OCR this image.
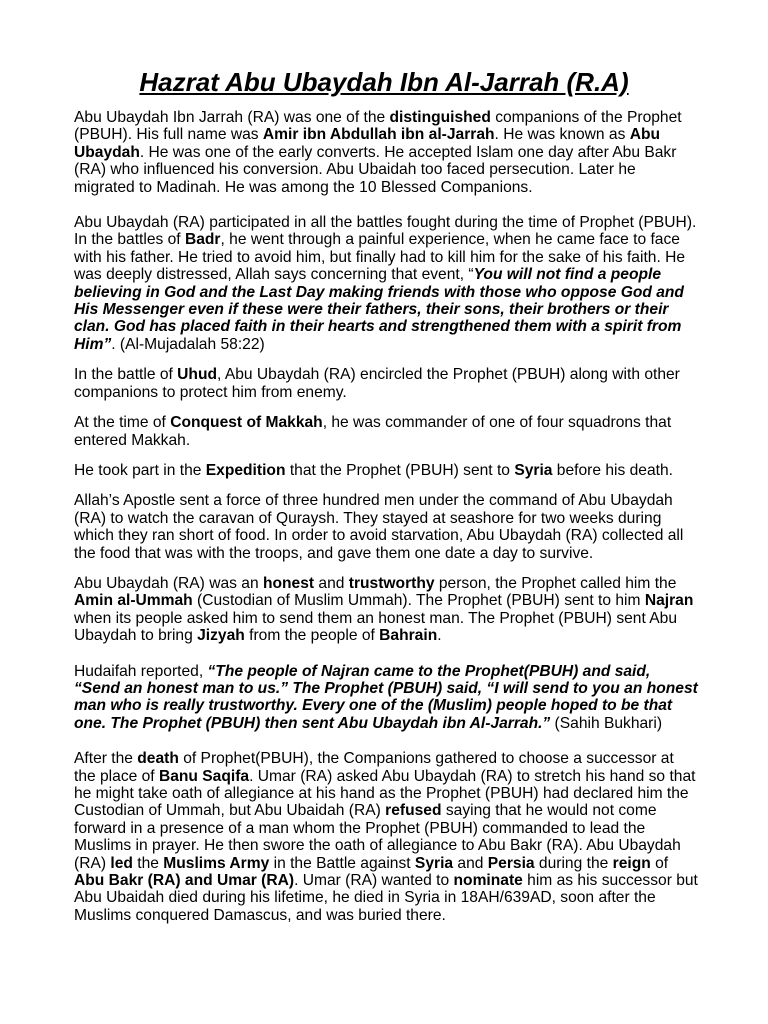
Hazrat Abu Ubaydah Ibn Al-Jarrah (R.A)

Abu Ubaydah Ibn Jarrah (RA) was one of the distinguished companions of the Prophet (PBUH). His full name was Amir ibn Abdullah ibn al-Jarrah. He was known as Abu Ubaydah. He was one of the early converts. He accepted Islam one day after Abu Bakr (RA) who influenced his conversion. Abu Ubaidah too faced persecution. Later he migrated to Madinah. He was among the 10 Blessed Companions.

Abu Ubaydah (RA) participated in all the battles fought during the time of Prophet (PBUH). In the battles of Badr, he went through a painful experience, when he came face to face with his father. He tried to avoid him, but finally had to kill him for the sake of his faith. He was deeply distressed, Allah says concerning that event, “You will not find a people believing in God and the Last Day making friends with those who oppose God and His Messenger even if these were their fathers, their sons, their brothers or their clan. God has placed faith in their hearts and strengthened them with a spirit from Him”. (Al-Mujadalah 58:22)

In the battle of Uhud, Abu Ubaydah (RA) encircled the Prophet (PBUH) along with other companions to protect him from enemy.

At the time of Conquest of Makkah, he was commander of one of four squadrons that entered Makkah.

He took part in the Expedition that the Prophet (PBUH) sent to Syria before his death.

Allah’s Apostle sent a force of three hundred men under the command of Abu Ubaydah (RA) to watch the caravan of Quraysh. They stayed at seashore for two weeks during which they ran short of food. In order to avoid starvation, Abu Ubaydah (RA) collected all the food that was with the troops, and gave them one date a day to survive.

Abu Ubaydah (RA) was an honest and trustworthy person, the Prophet called him the Amin al-Ummah (Custodian of Muslim Ummah). The Prophet (PBUH) sent to him Najran when its people asked him to send them an honest man. The Prophet (PBUH) sent Abu Ubaydah to bring Jizyah from the people of Bahrain.

Hudaifah reported, “The people of Najran came to the Prophet(PBUH) and said, “Send an honest man to us.” The Prophet (PBUH) said, “I will send to you an honest man who is really trustworthy. Every one of the (Muslim) people hoped to be that one. The Prophet (PBUH) then sent Abu Ubaydah ibn Al-Jarrah.” (Sahih Bukhari)

After the death of Prophet(PBUH), the Companions gathered to choose a successor at the place of Banu Saqifa. Umar (RA) asked Abu Ubaydah (RA) to stretch his hand so that he might take oath of allegiance at his hand as the Prophet (PBUH) had declared him the Custodian of Ummah, but Abu Ubaidah (RA) refused saying that he would not come forward in a presence of a man whom the Prophet (PBUH) commanded to lead the Muslims in prayer. He then swore the oath of allegiance to Abu Bakr (RA). Abu Ubaydah (RA) led the Muslims Army in the Battle against Syria and Persia during the reign of Abu Bakr (RA) and Umar (RA). Umar (RA) wanted to nominate him as his successor but Abu Ubaidah died during his lifetime, he died in Syria in 18AH/639AD, soon after the Muslims conquered Damascus, and was buried there.
